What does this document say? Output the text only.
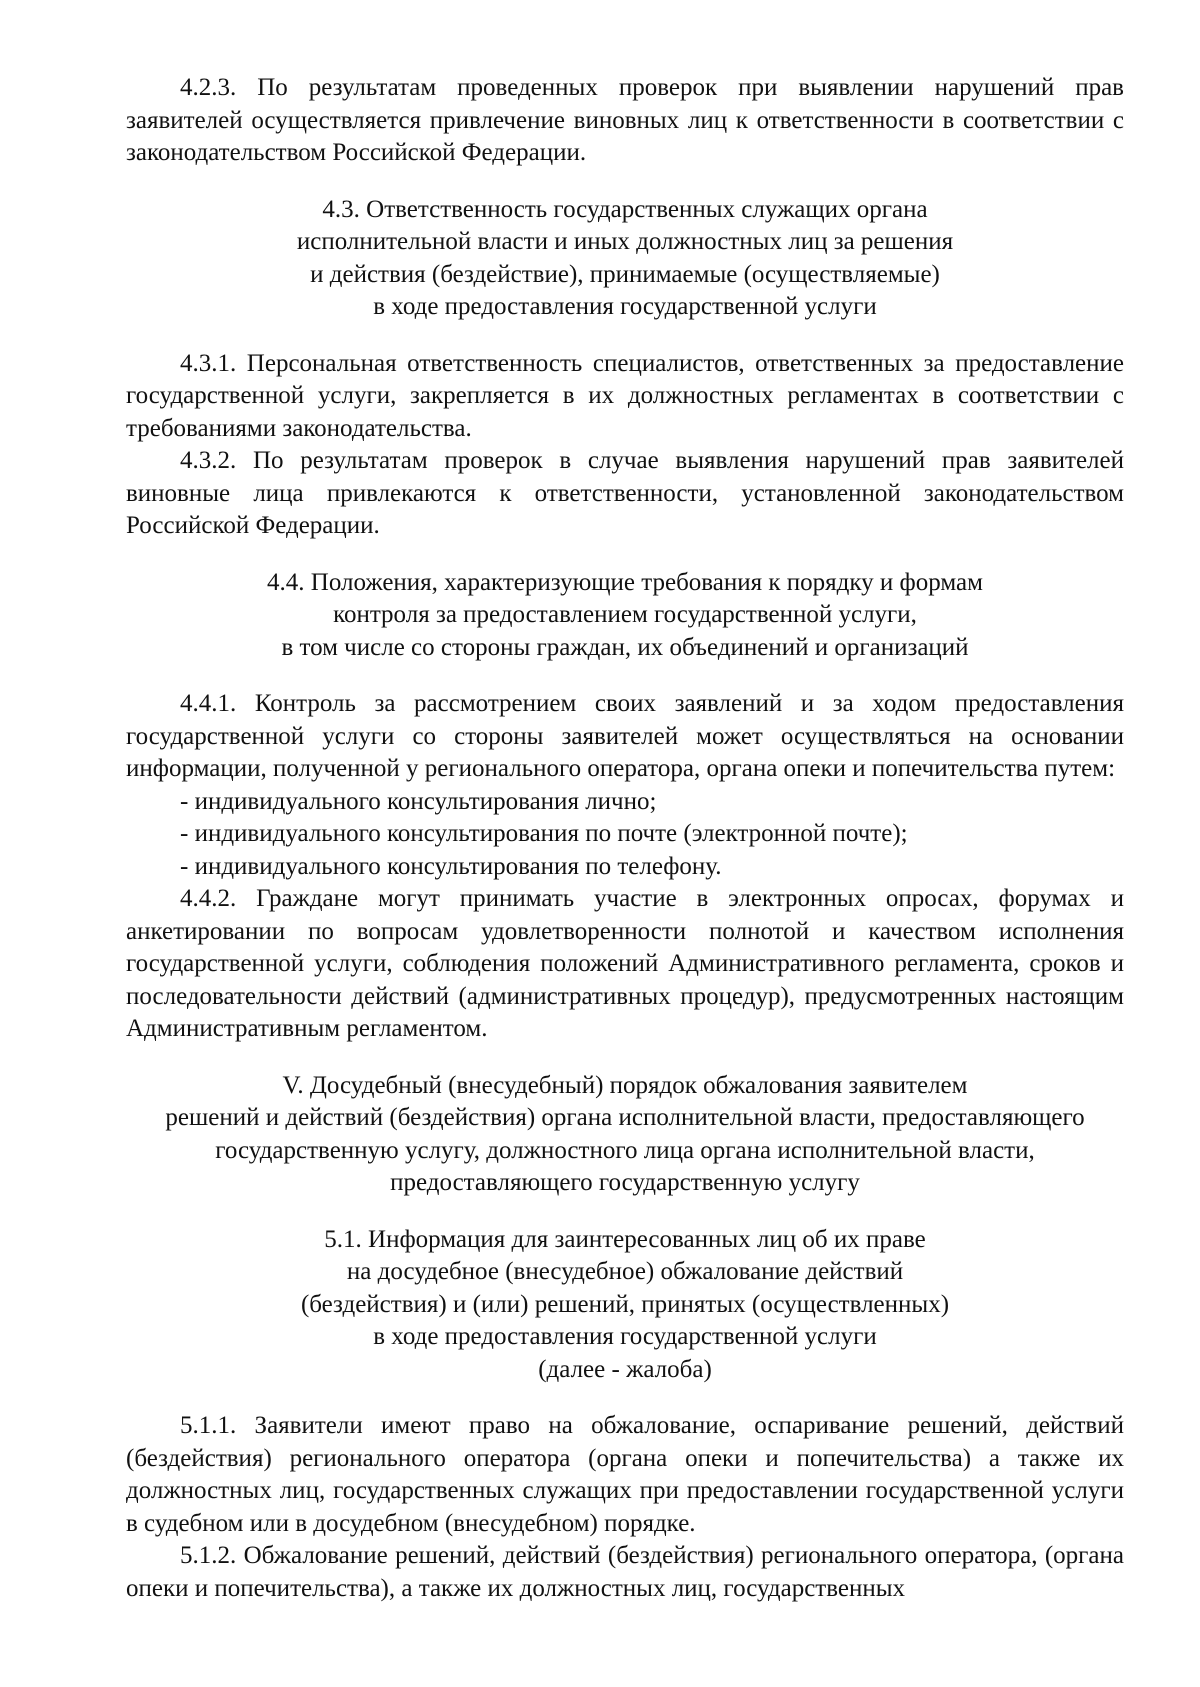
4.2.3. По результатам проведенных проверок при выявлении нарушений прав заявителей осуществляется привлечение виновных лиц к ответственности в соответствии с законодательством Российской Федерации.

4.3. Ответственность государственных служащих органа
исполнительной власти и иных должностных лиц за решения
и действия (бездействие), принимаемые (осуществляемые)
в ходе предоставления государственной услуги

4.3.1. Персональная ответственность специалистов, ответственных за предоставление государственной услуги, закрепляется в их должностных регламентах в соответствии с требованиями законодательства.

4.3.2. По результатам проверок в случае выявления нарушений прав заявителей виновные лица привлекаются к ответственности, установленной законодательством Российской Федерации.

4.4. Положения, характеризующие требования к порядку и формам
контроля за предоставлением государственной услуги,
в том числе со стороны граждан, их объединений и организаций

4.4.1. Контроль за рассмотрением своих заявлений и за ходом предоставления государственной услуги со стороны заявителей может осуществляться на основании информации, полученной у регионального оператора, органа опеки и попечительства путем:

- индивидуального консультирования лично;
- индивидуального консультирования по почте (электронной почте);
- индивидуального консультирования по телефону.

4.4.2. Граждане могут принимать участие в электронных опросах, форумах и анкетировании по вопросам удовлетворенности полнотой и качеством исполнения государственной услуги, соблюдения положений Административного регламента, сроков и последовательности действий (административных процедур), предусмотренных настоящим Административным регламентом.

V. Досудебный (внесудебный) порядок обжалования заявителем
решений и действий (бездействия) органа исполнительной власти, предоставляющего
государственную услугу, должностного лица органа исполнительной власти,
предоставляющего государственную услугу
5.1. Информация для заинтересованных лиц об их праве
на досудебное (внесудебное) обжалование действий
(бездействия) и (или) решений, принятых (осуществленных)
в ходе предоставления государственной услуги
(далее - жалоба)

5.1.1. Заявители имеют право на обжалование, оспаривание решений, действий (бездействия) регионального оператора (органа опеки и попечительства) а также их должностных лиц, государственных служащих при предоставлении государственной услуги в судебном или в досудебном (внесудебном) порядке.

5.1.2. Обжалование решений, действий (бездействия) регионального оператора, (органа опеки и попечительства), а также их должностных лиц, государственных
